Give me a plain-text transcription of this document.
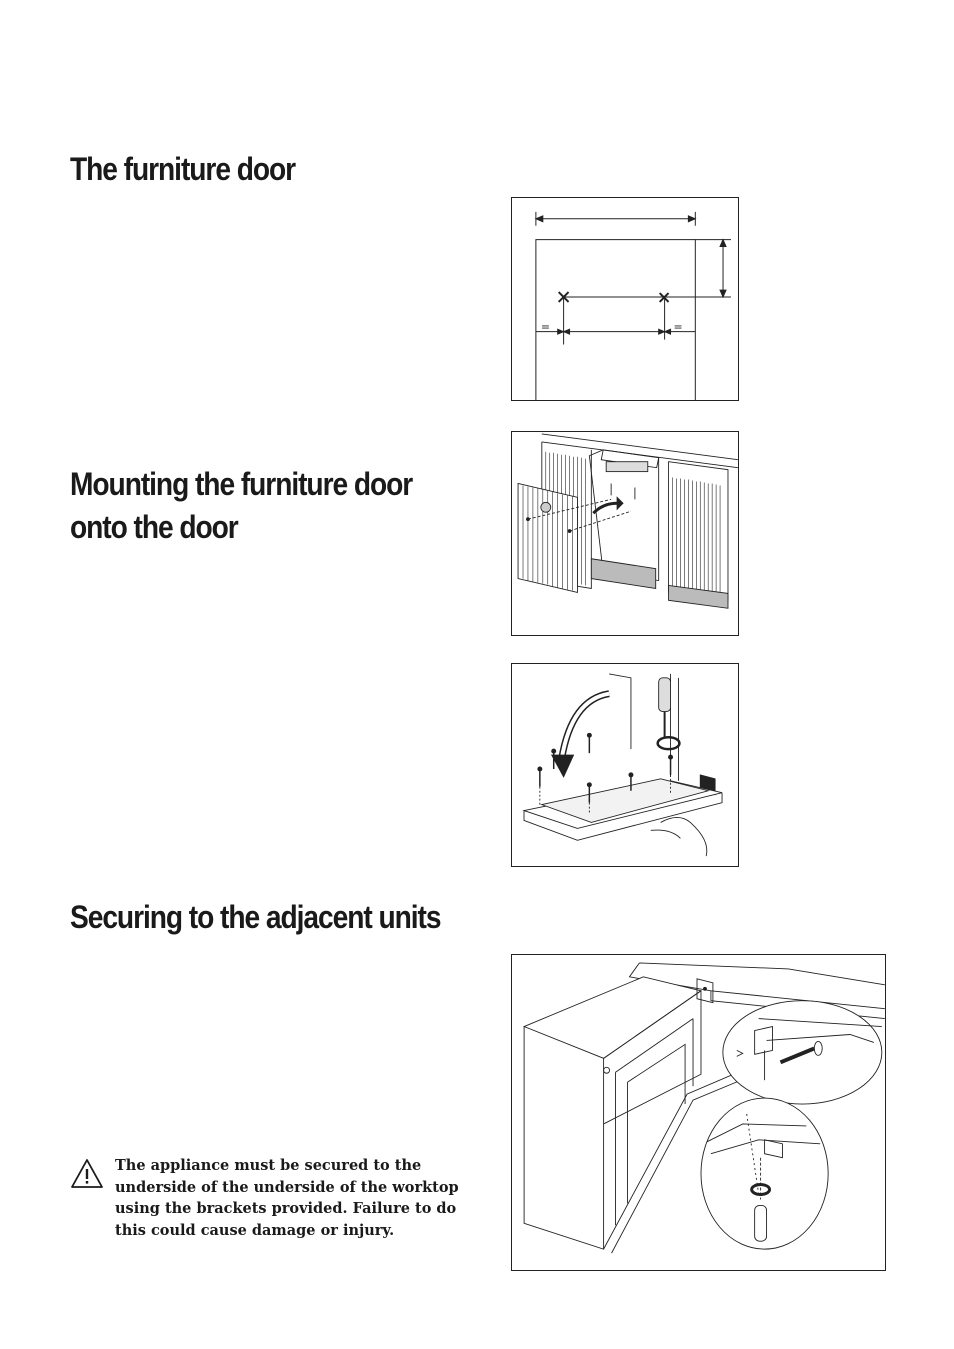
The furniture door
=	=
Mounting the furniture door onto the door
Securing to the adjacent units

The appliance must be secured to the underside of the underside of the worktop using the brackets provided. Failure to do this could cause damage or injury.
